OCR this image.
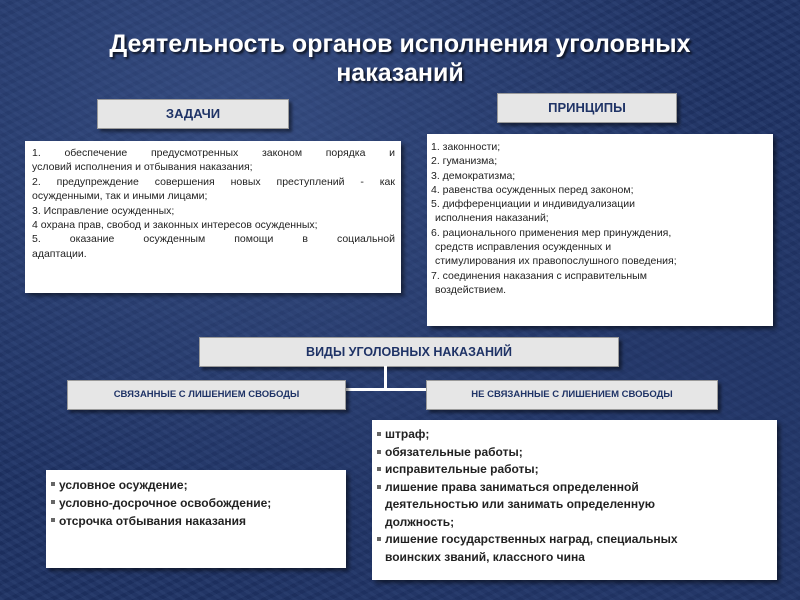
Деятельность органов исполнения уголовных
наказаний
ЗАДАЧИ	ПРИНЦИПЫ
1. обеспечение предусмотренных законом порядка и
условий исполнения и отбывания наказания;
2. предупреждение совершения новых преступлений - как
осужденными, так и иными лицами;
3. Исправление осужденных;
4 охрана прав, свобод и законных интересов осужденных;
5. оказание осужденным помощи в социальной
адаптации.
1. законности;
2. гуманизма;
3. демократизма;
4. равенства осужденных перед законом;
5. дифференциации и индивидуализации
исполнения наказаний;
6. рационального применения мер принуждения,
средств исправления осужденных и
стимулирования их правопослушного поведения;
7. соединения наказания с исправительным
воздействием.
ВИДЫ УГОЛОВНЫХ НАКАЗАНИЙ
СВЯЗАННЫЕ С ЛИШЕНИЕМ СВОБОДЫ	НЕ СВЯЗАННЫЕ С ЛИШЕНИЕМ СВОБОДЫ
штраф;
обязательные работы;
исправительные работы;
лишение права заниматься определенной
деятельностью или занимать определенную
должность;
лишение государственных наград, специальных
воинских званий, классного чина
условное осуждение;
условно-досрочное освобождение;
отсрочка отбывания наказания
